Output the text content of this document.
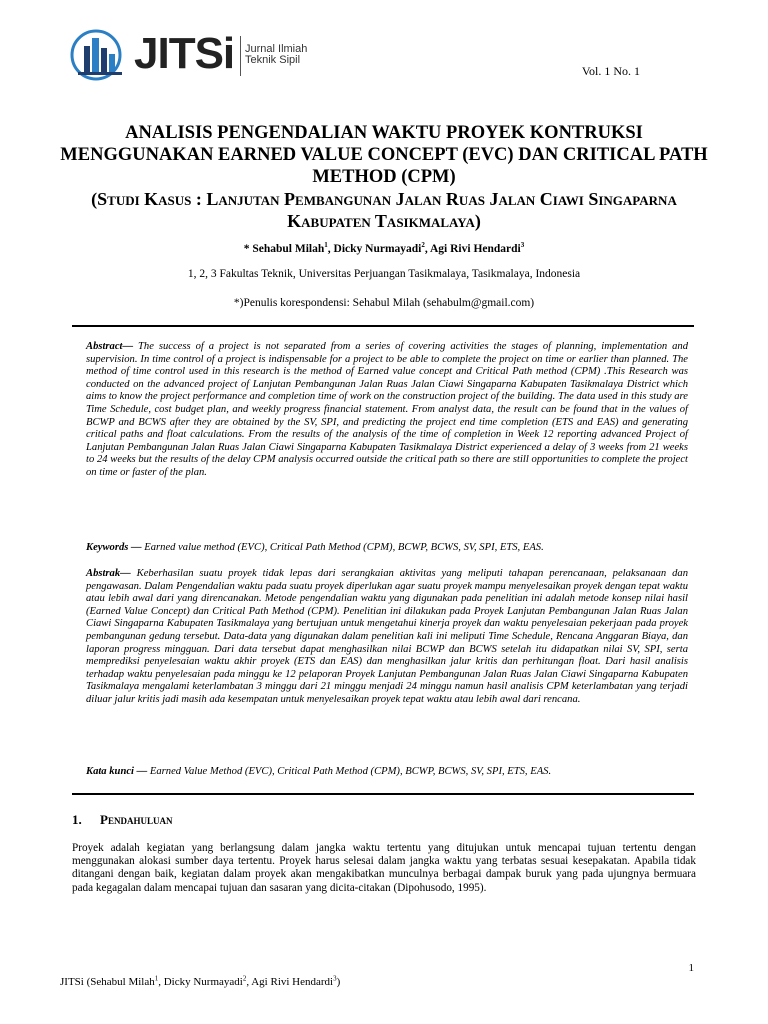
JITSi Jurnal Ilmiah
Teknik Sipil
Vol. 1 No. 1
ANALISIS PENGENDALIAN WAKTU PROYEK KONTRUKSI MENGGUNAKAN EARNED VALUE CONCEPT (EVC) DAN CRITICAL PATH METHOD (CPM)
(Studi Kasus : Lanjutan Pembangunan Jalan Ruas Jalan Ciawi Singaparna Kabupaten Tasikmalaya)
* Sehabul Milah$^1$, Dicky Nurmayadi$^2$, Agi Rivi Hendardi$^3$
1, 2, 3 Fakultas Teknik, Universitas Perjuangan Tasikmalaya, Tasikmalaya, Indonesia
*)Penulis korespondensi: Sehabul Milah (sehabulm@gmail.com)
Abstract— The success of a project is not separated from a series of covering activities the stages of planning, implementation and supervision. In time control of a project is indispensable for a project to be able to complete the project on time or earlier than planned. The method of time control used in this research is the method of Earned value concept and Critical Path method (CPM) .This Research was conducted on the advanced project of Lanjutan Pembangunan Jalan Ruas Jalan Ciawi Singaparna Kabupaten Tasikmalaya District which aims to know the project performance and completion time of work on the construction project of the building. The data used in this study are Time Schedule, cost budget plan, and weekly progress financial statement. From analyst data, the result can be found that in the values of BCWP and BCWS after they are obtained by the SV, SPI, and predicting the project end time completion (ETS and EAS) and generating critical paths and float calculations. From the results of the analysis of the time of completion in Week 12 reporting advanced Project of Lanjutan Pembangunan Jalan Ruas Jalan Ciawi Singaparna Kabupaten Tasikmalaya District experienced a delay of 3 weeks from 21 weeks to 24 weeks but the results of the delay CPM analysis occurred outside the critical path so there are still opportunities to complete the project on time or faster of the plan.
Keywords — Earned value method (EVC), Critical Path Method (CPM), BCWP, BCWS, SV, SPI, ETS, EAS.
Abstrak— Keberhasilan suatu proyek tidak lepas dari serangkaian aktivitas yang meliputi tahapan perencanaan, pelaksanaan dan pengawasan. Dalam Pengendalian waktu pada suatu proyek diperlukan agar suatu proyek mampu menyelesaikan proyek dengan tepat waktu atau lebih awal dari yang direncanakan. Metode pengendalian waktu yang digunakan pada penelitian ini adalah metode konsep nilai hasil (Earned Value Concept) dan Critical Path Method (CPM). Penelitian ini dilakukan pada Proyek Lanjutan Pembangunan Jalan Ruas Jalan Ciawi Singaparna Kabupaten Tasikmalaya yang bertujuan untuk mengetahui kinerja proyek dan waktu penyelesaian pekerjaan pada proyek pembangunan gedung tersebut. Data-data yang digunakan dalam penelitian kali ini meliputi Time Schedule, Rencana Anggaran Biaya, dan laporan progress mingguan. Dari data tersebut dapat menghasilkan nilai BCWP dan BCWS setelah itu didapatkan nilai SV, SPI, serta memprediksi penyelesaian waktu akhir proyek (ETS dan EAS) dan menghasilkan jalur kritis dan perhitungan float. Dari hasil analisis terhadap waktu penyelesaian pada minggu ke 12 pelaporan Proyek Lanjutan Pembangunan Jalan Ruas Jalan Ciawi Singaparna Kabupaten Tasikmalaya mengalami keterlambatan 3 minggu dari 21 minggu menjadi 24 minggu namun hasil analisis CPM keterlambatan yang terjadi diluar jalur kritis jadi masih ada kesempatan untuk menyelesaikan proyek tepat waktu atau lebih awal dari rencana.
Kata kunci — Earned Value Method (EVC), Critical Path Method (CPM), BCWP, BCWS, SV, SPI, ETS, EAS.
1. Pendahuluan
Proyek adalah kegiatan yang berlangsung dalam jangka waktu tertentu yang ditujukan untuk mencapai tujuan tertentu dengan menggunakan alokasi sumber daya tertentu. Proyek harus selesai dalam jangka waktu yang terbatas sesuai kesepakatan. Apabila tidak ditangani dengan baik, kegiatan dalam proyek akan mengakibatkan munculnya berbagai dampak buruk yang pada ujungnya bermuara pada kegagalan dalam mencapai tujuan dan sasaran yang dicita-citakan (Dipohusodo, 1995).
1
JITSi (Sehabul Milah$^1$, Dicky Nurmayadi$^2$, Agi Rivi Hendardi$^3$)
